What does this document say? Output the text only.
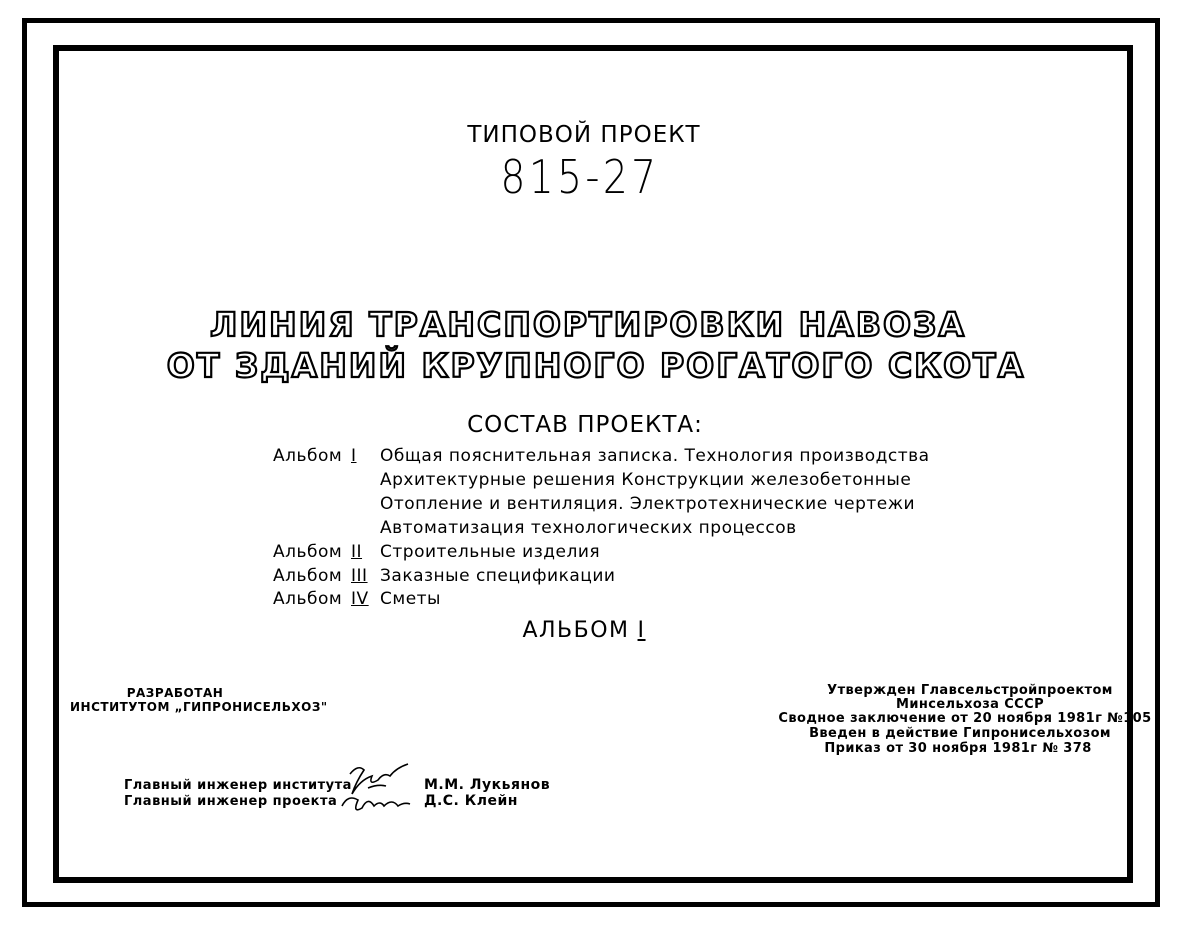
ТИПОВОЙ ПРОЕКТ
815-27
ЛИНИЯ ТРАНСПОРТИРОВКИ НАВОЗА
ОТ ЗДАНИЙ КРУПНОГО РОГАТОГО СКОТА
СОСТАВ ПРОЕКТА:
Альбом I Общая пояснительная записка. Технология производства
Архитектурные решения Конструкции железобетонные
Отопление и вентиляция. Электротехнические чертежи
Автоматизация технологических процессов
Альбом II Строительные изделия
Альбом III Заказные спецификации
Альбом IV Сметы
АЛЬБОМ I
РАЗРАБОТАН
ИНСТИТУТОМ „ГИПРОНИСЕЛЬХОЗ"
Утвержден Главсельстройпроектом
Минсельхоза СССР
Сводное заключение от 20 ноября 1981г №105
Введен в действие Гипронисельхозом
Приказ от 30 ноября 1981г № 378
Главный инженер института
Главный инженер проекта
М.М. Лукьянов
Д.С. Клейн
